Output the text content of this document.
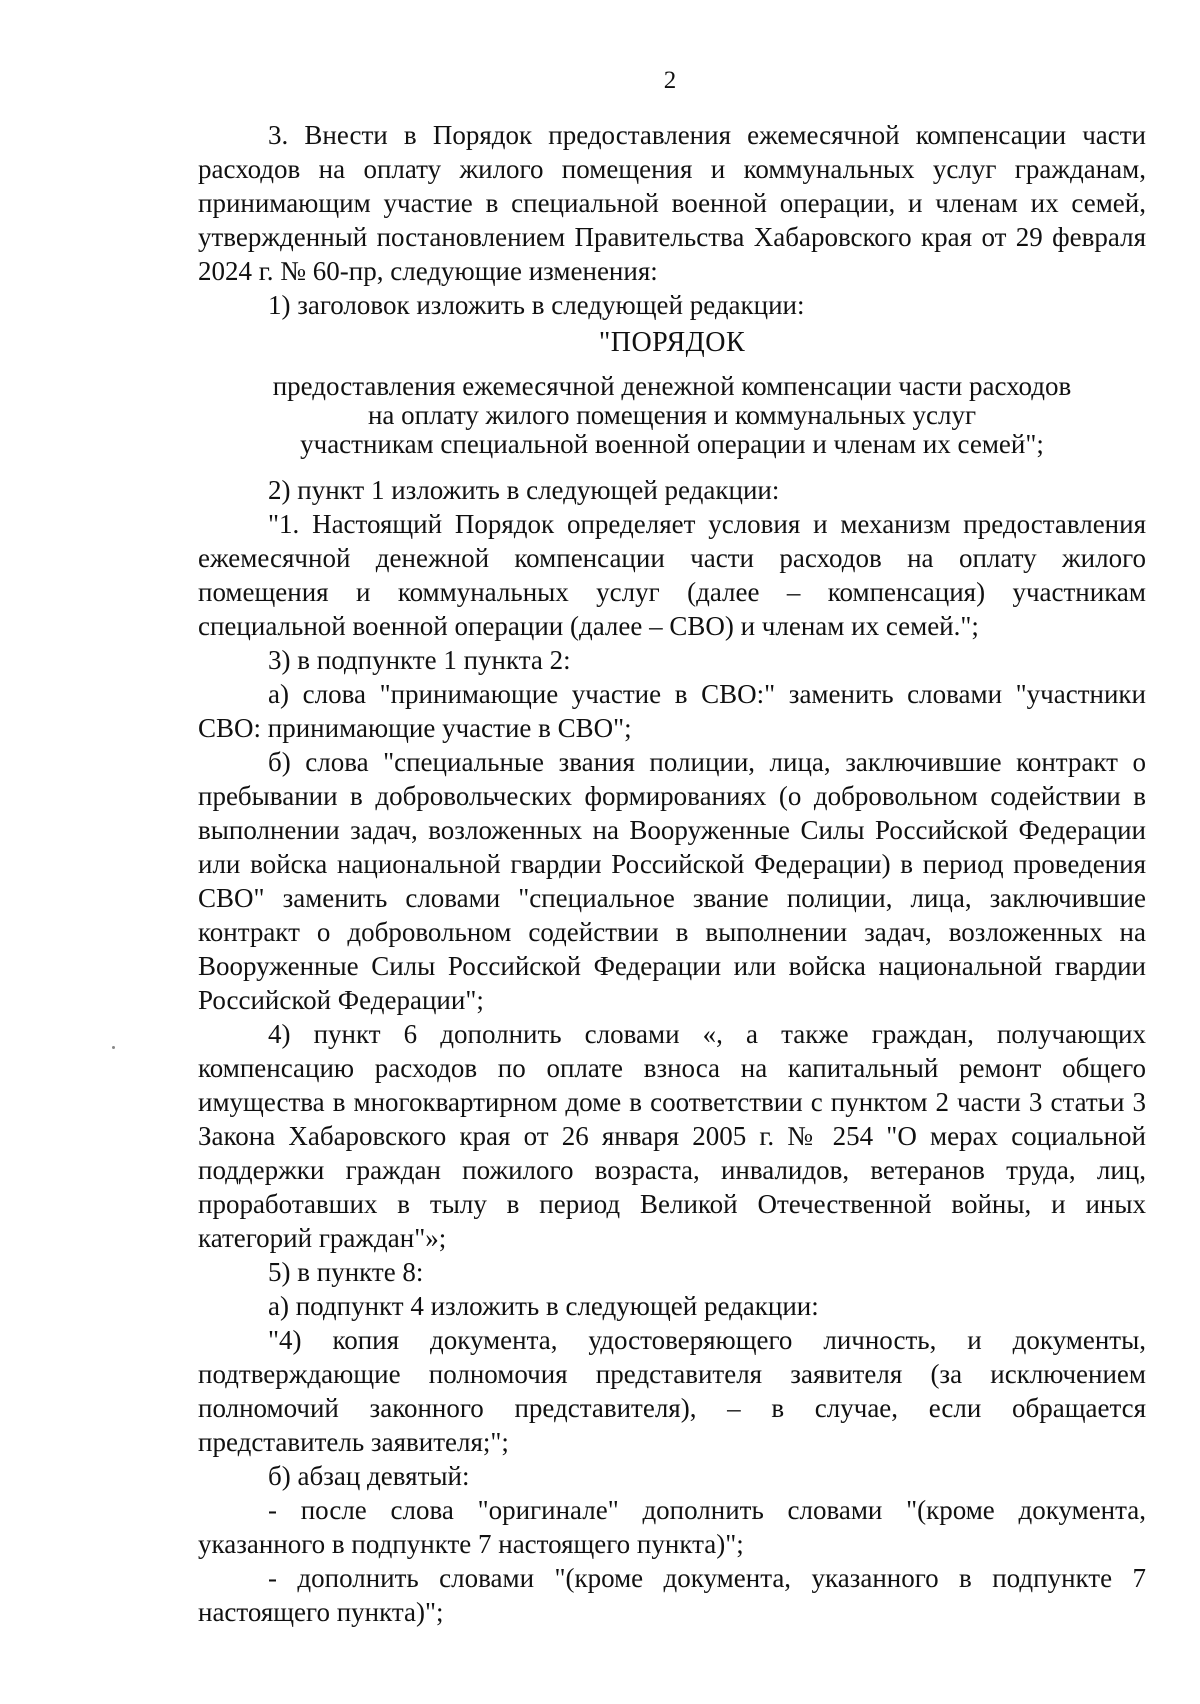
2

3. Внести в Порядок предоставления ежемесячной компенсации части расходов на оплату жилого помещения и коммунальных услуг гражданам, принимающим участие в специальной военной операции, и членам их семей, утвержденный постановлением Правительства Хабаровского края от 29 февраля 2024 г. № 60-пр, следующие изменения:

1) заголовок изложить в следующей редакции:

"ПОРЯДОК
предоставления ежемесячной денежной компенсации части расходов
на оплату жилого помещения и коммунальных услуг
участникам специальной военной операции и членам их семей";

2) пункт 1 изложить в следующей редакции:

"1. Настоящий Порядок определяет условия и механизм предоставления ежемесячной денежной компенсации части расходов на оплату жилого помещения и коммунальных услуг (далее – компенсация) участникам специальной военной операции (далее – СВО) и членам их семей.";

3) в подпункте 1 пункта 2:

а) слова "принимающие участие в СВО:" заменить словами "участники СВО: принимающие участие в СВО";

б) слова "специальные звания полиции, лица, заключившие контракт о пребывании в добровольческих формированиях (о добровольном содействии в выполнении задач, возложенных на Вооруженные Силы Российской Федерации или войска национальной гвардии Российской Федерации) в период проведения СВО" заменить словами "специальное звание полиции, лица, заключившие контракт о добровольном содействии в выполнении задач, возложенных на Вооруженные Силы Российской Федерации или войска национальной гвардии Российской Федерации";

4) пункт 6 дополнить словами «, а также граждан, получающих компенсацию расходов по оплате взноса на капитальный ремонт общего имущества в многоквартирном доме в соответствии с пунктом 2 части 3 статьи 3 Закона Хабаровского края от 26 января 2005 г. № 254 "О мерах социальной поддержки граждан пожилого возраста, инвалидов, ветеранов труда, лиц, проработавших в тылу в период Великой Отечественной войны, и иных категорий граждан"»;

5) в пункте 8:

а) подпункт 4 изложить в следующей редакции:

"4) копия документа, удостоверяющего личность, и документы, подтверждающие полномочия представителя заявителя (за исключением полномочий законного представителя), – в случае, если обращается представитель заявителя;";

б) абзац девятый:

- после слова "оригинале" дополнить словами "(кроме документа, указанного в подпункте 7 настоящего пункта)";

- дополнить словами "(кроме документа, указанного в подпункте 7 настоящего пункта)";
